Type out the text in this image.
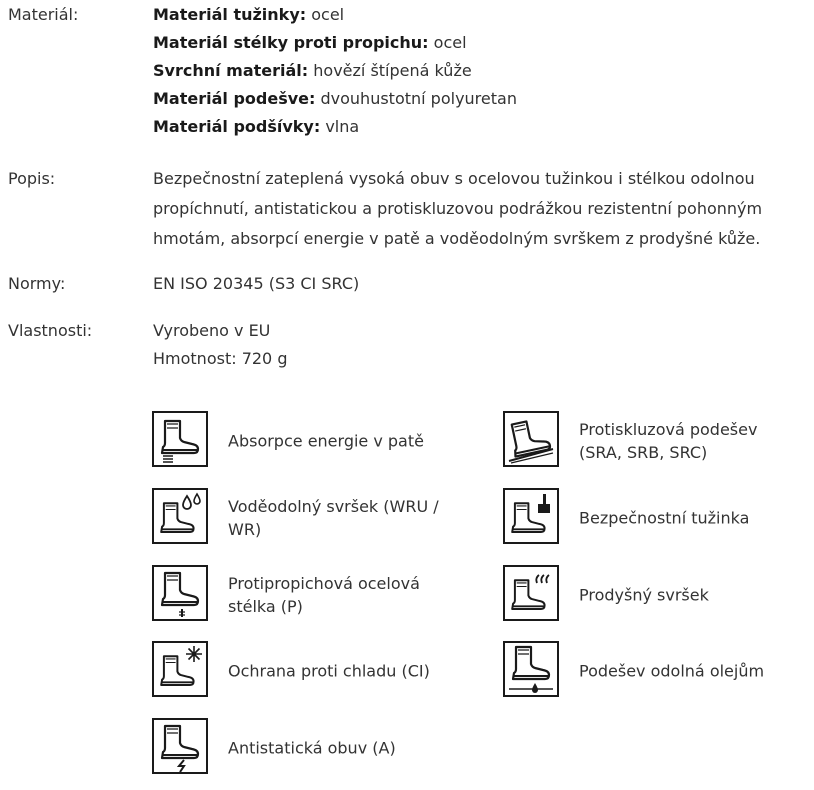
Materiál:	Materiál tužinky: ocel
Materiál stélky proti propichu: ocel
Svrchní materiál: hovězí štípená kůže
Materiál podešve: dvouhustotní polyuretan
Materiál podšívky: vlna
Popis:	Bezpečnostní zateplená vysoká obuv s ocelovou tužinkou i stélkou odolnou
propíchnutí, antistatickou a protiskluzovou podrážkou rezistentní pohonným
hmotám, absorpcí energie v patě a voděodolným svrškem z prodyšné kůže.
Normy:	EN ISO 20345 (S3 CI SRC)
Vlastnosti:	Vyrobeno v EU
Hmotnost: 720 g
Absorpce energie v patě
Protiskluzová podešev
(SRA, SRB, SRC)
Voděodolný svršek (WRU /
WR)
Bezpečnostní tužinka
Protipropichová ocelová
stélka (P)
Prodyšný svršek
Ochrana proti chladu (CI)	Podešev odolná olejům
Antistatická obuv (A)
